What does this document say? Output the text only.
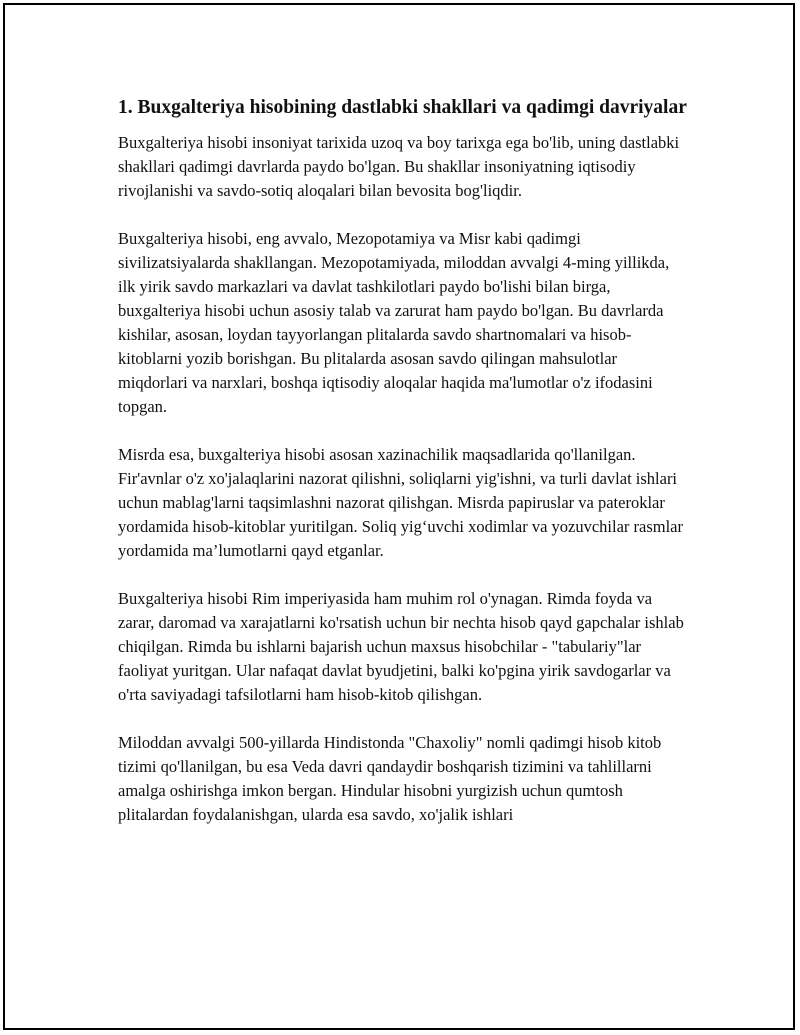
1. Buxgalteriya hisobining dastlabki shakllari va qadimgi davriyalar

Buxgalteriya hisobi insoniyat tarixida uzoq va boy tarixga ega bo'lib, uning dastlabki shakllari qadimgi davrlarda paydo bo'lgan. Bu shakllar insoniyatning iqtisodiy rivojlanishi va savdo-sotiq aloqalari bilan bevosita bog'liqdir.

Buxgalteriya hisobi, eng avvalo, Mezopotamiya va Misr kabi qadimgi sivilizatsiyalarda shakllangan. Mezopotamiyada, miloddan avvalgi 4-ming yillikda, ilk yirik savdo markazlari va davlat tashkilotlari paydo bo'lishi bilan birga, buxgalteriya hisobi uchun asosiy talab va zarurat ham paydo bo'lgan. Bu davrlarda kishilar, asosan, loydan tayyorlangan plitalarda savdo shartnomalari va hisob-kitoblarni yozib borishgan. Bu plitalarda asosan savdo qilingan mahsulotlar miqdorlari va narxlari, boshqa iqtisodiy aloqalar haqida ma'lumotlar o'z ifodasini topgan.

Misrda esa, buxgalteriya hisobi asosan xazinachilik maqsadlarida qo'llanilgan. Fir'avnlar o'z xo'jalaqlarini nazorat qilishni, soliqlarni yig'ishni, va turli davlat ishlari uchun mablag'larni taqsimlashni nazorat qilishgan. Misrda papiruslar va pateroklar yordamida hisob-kitoblar yuritilgan. Soliq yig‘uvchi xodimlar va yozuvchilar rasmlar yordamida ma’lumotlarni qayd etganlar.

Buxgalteriya hisobi Rim imperiyasida ham muhim rol o'ynagan. Rimda foyda va zarar, daromad va xarajatlarni ko'rsatish uchun bir nechta hisob qayd gapchalar ishlab chiqilgan. Rimda bu ishlarni bajarish uchun maxsus hisobchilar - "tabulariy"lar faoliyat yuritgan. Ular nafaqat davlat byudjetini, balki ko'pgina yirik savdogarlar va o'rta saviyadagi tafsilotlarni ham hisob-kitob qilishgan.

Miloddan avvalgi 500-yillarda Hindistonda "Chaxoliy" nomli qadimgi hisob kitob tizimi qo'llanilgan, bu esa Veda davri qandaydir boshqarish tizimini va tahlillarni amalga oshirishga imkon bergan. Hindular hisobni yurgizish uchun qumtosh plitalardan foydalanishgan, ularda esa savdo, xo'jalik ishlari
